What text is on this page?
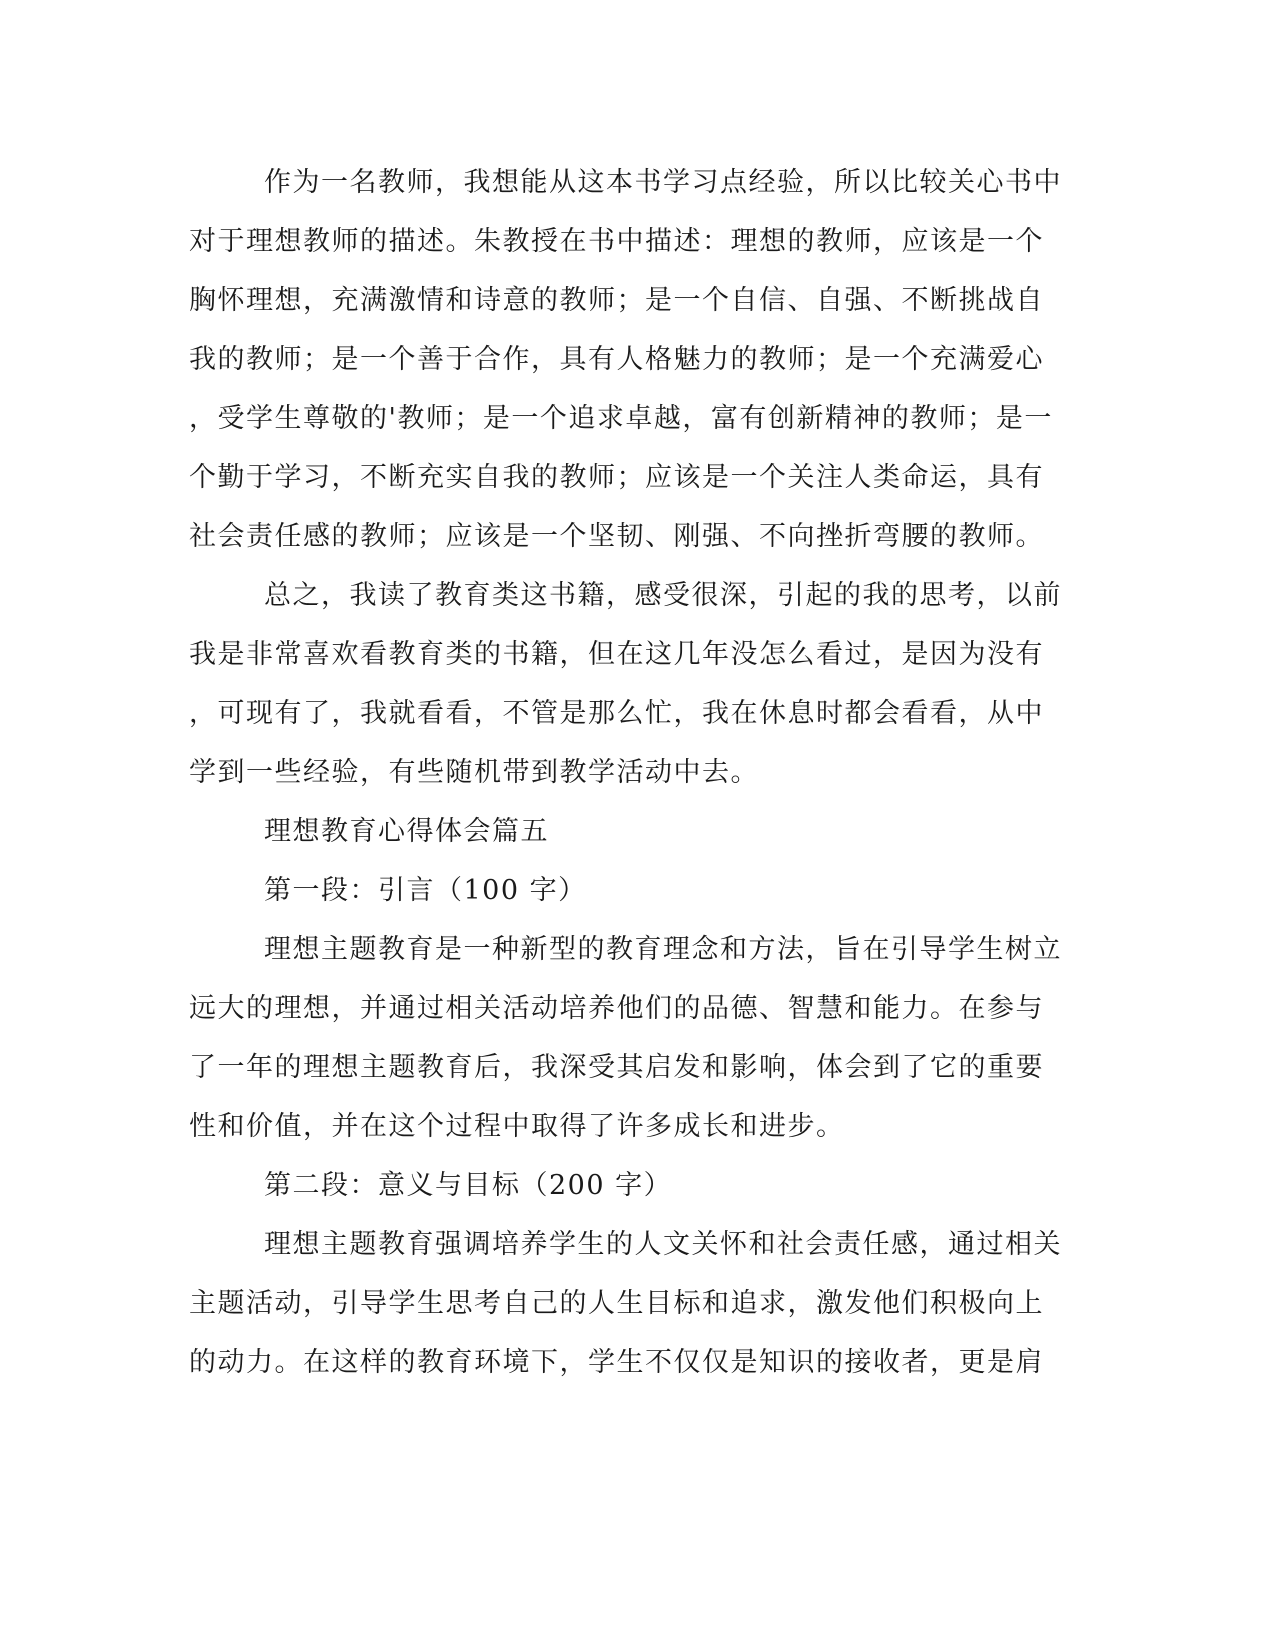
作为一名教师，我想能从这本书学习点经验，所以比较关心书中
对于理想教师的描述。朱教授在书中描述：理想的教师，应该是一个
胸怀理想，充满激情和诗意的教师；是一个自信、自强、不断挑战自
我的教师；是一个善于合作，具有人格魅力的教师；是一个充满爱心
，受学生尊敬的'教师；是一个追求卓越，富有创新精神的教师；是一
个勤于学习，不断充实自我的教师；应该是一个关注人类命运，具有
社会责任感的教师；应该是一个坚韧、刚强、不向挫折弯腰的教师。
总之，我读了教育类这书籍，感受很深，引起的我的思考，以前
我是非常喜欢看教育类的书籍，但在这几年没怎么看过，是因为没有
，可现有了，我就看看，不管是那么忙，我在休息时都会看看，从中
学到一些经验，有些随机带到教学活动中去。
理想教育心得体会篇五
第一段：引言（100 字）
理想主题教育是一种新型的教育理念和方法，旨在引导学生树立
远大的理想，并通过相关活动培养他们的品德、智慧和能力。在参与
了一年的理想主题教育后，我深受其启发和影响，体会到了它的重要
性和价值，并在这个过程中取得了许多成长和进步。
第二段：意义与目标（200 字）
理想主题教育强调培养学生的人文关怀和社会责任感，通过相关
主题活动，引导学生思考自己的人生目标和追求，激发他们积极向上
的动力。在这样的教育环境下，学生不仅仅是知识的接收者，更是肩
